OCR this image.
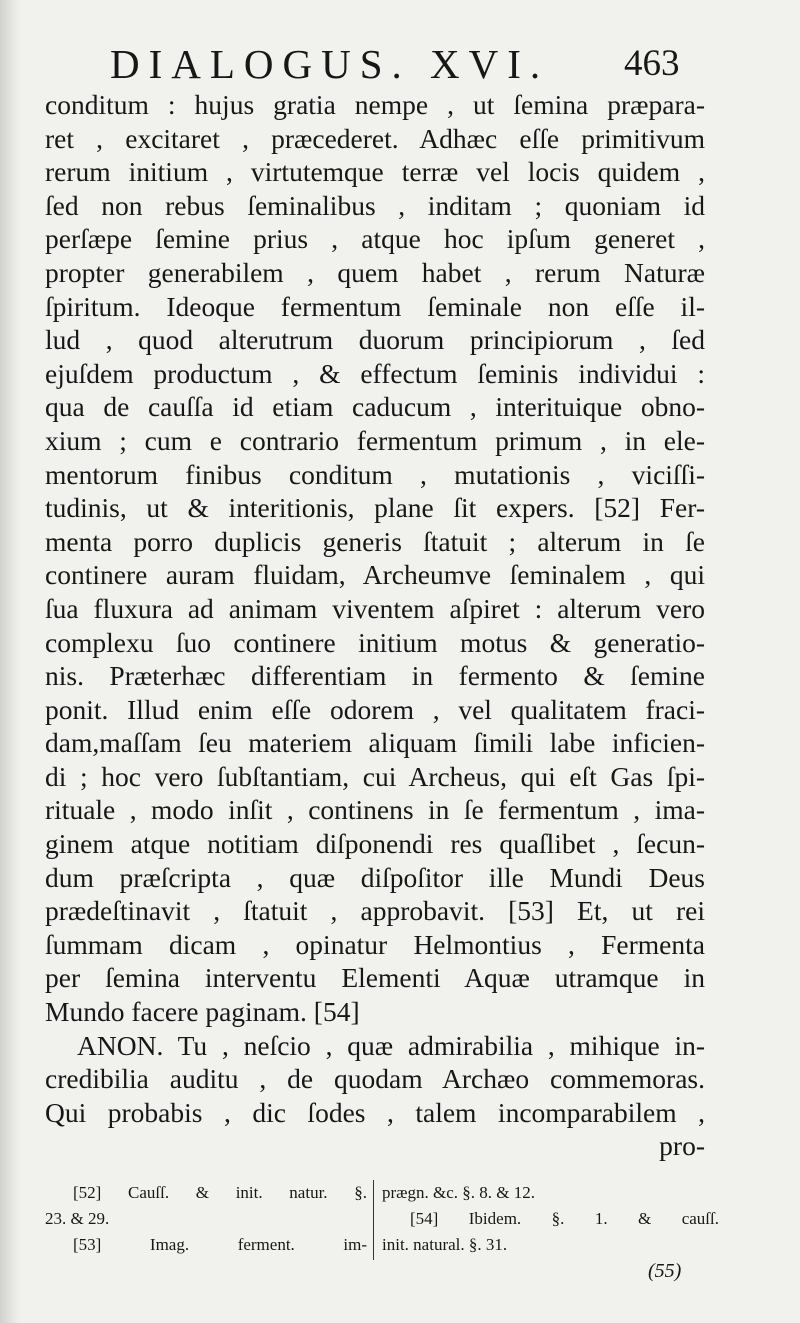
DIALOGUS. XVI. 463
conditum : hujus gratia nempe , ut ſemina præpara-
ret , excitaret , præcederet. Adhæc eſſe primitivum
rerum initium , virtutemque terræ vel locis quidem ,
ſed non rebus ſeminalibus , inditam ; quoniam id
perſæpe ſemine prius , atque hoc ipſum generet ,
propter generabilem , quem habet , rerum Naturæ
ſpiritum. Ideoque fermentum ſeminale non eſſe il-
lud , quod alterutrum duorum principiorum , ſed
ejuſdem productum , & effectum ſeminis individui :
qua de cauſſa id etiam caducum , interituique obno-
xium ; cum e contrario fermentum primum , in ele-
mentorum finibus conditum , mutationis , viciſſi-
tudinis, ut & interitionis, plane ſit expers. [52] Fer-
menta porro duplicis generis ſtatuit ; alterum in ſe
continere auram fluidam, Archeumve ſeminalem , qui
ſua fluxura ad animam viventem aſpiret : alterum vero
complexu ſuo continere initium motus & generatio-
nis. Præterhæc differentiam in fermento & ſemine
ponit. Illud enim eſſe odorem , vel qualitatem fraci-
dam,maſſam ſeu materiem aliquam ſimili labe inficien-
di ; hoc vero ſubſtantiam, cui Archeus, qui eſt Gas ſpi-
rituale , modo inſit , continens in ſe fermentum , ima-
ginem atque notitiam diſponendi res quaſlibet , ſecun-
dum præſcripta , quæ diſpoſitor ille Mundi Deus
prædeſtinavit , ſtatuit , approbavit. [53] Et, ut rei
ſummam dicam , opinatur Helmontius , Fermenta
per ſemina interventu Elementi Aquæ utramque in
Mundo facere paginam. [54]
ANON. Tu , neſcio , quæ admirabilia , mihique in-
credibilia auditu , de quodam Archæo commemoras.
Qui probabis , dic ſodes , talem incomparabilem ,
pro-
[52] Cauſſ. & init. natur. §.
23. & 29.
[53] Imag. ferment. im-
prægn. &c. §. 8. & 12.
[54] Ibidem. §. 1. & cauſſ.
init. natural. §. 31.
(55)
